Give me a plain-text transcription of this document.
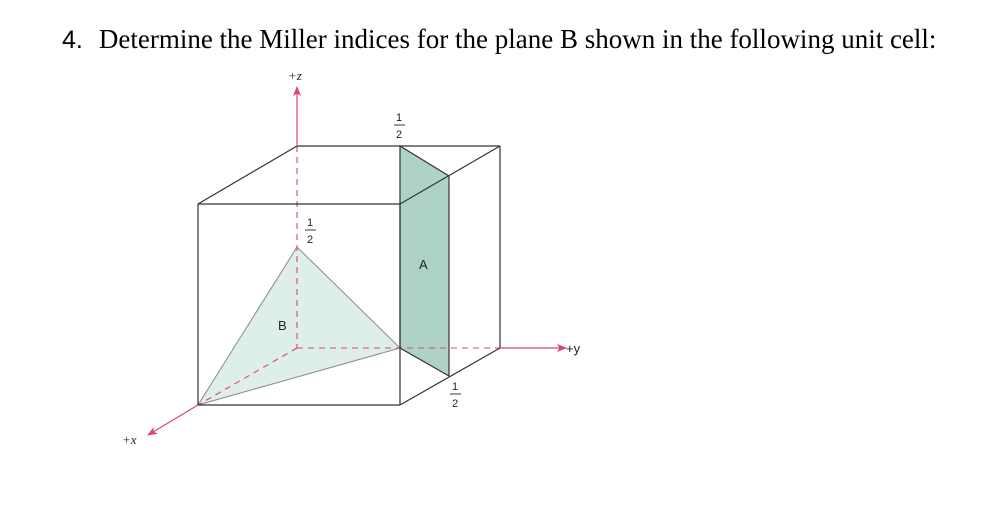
4. Determine the Miller indices for the plane B shown in the following unit cell:
+z
+y
+x
A
B
1
2
1
2
1
2
